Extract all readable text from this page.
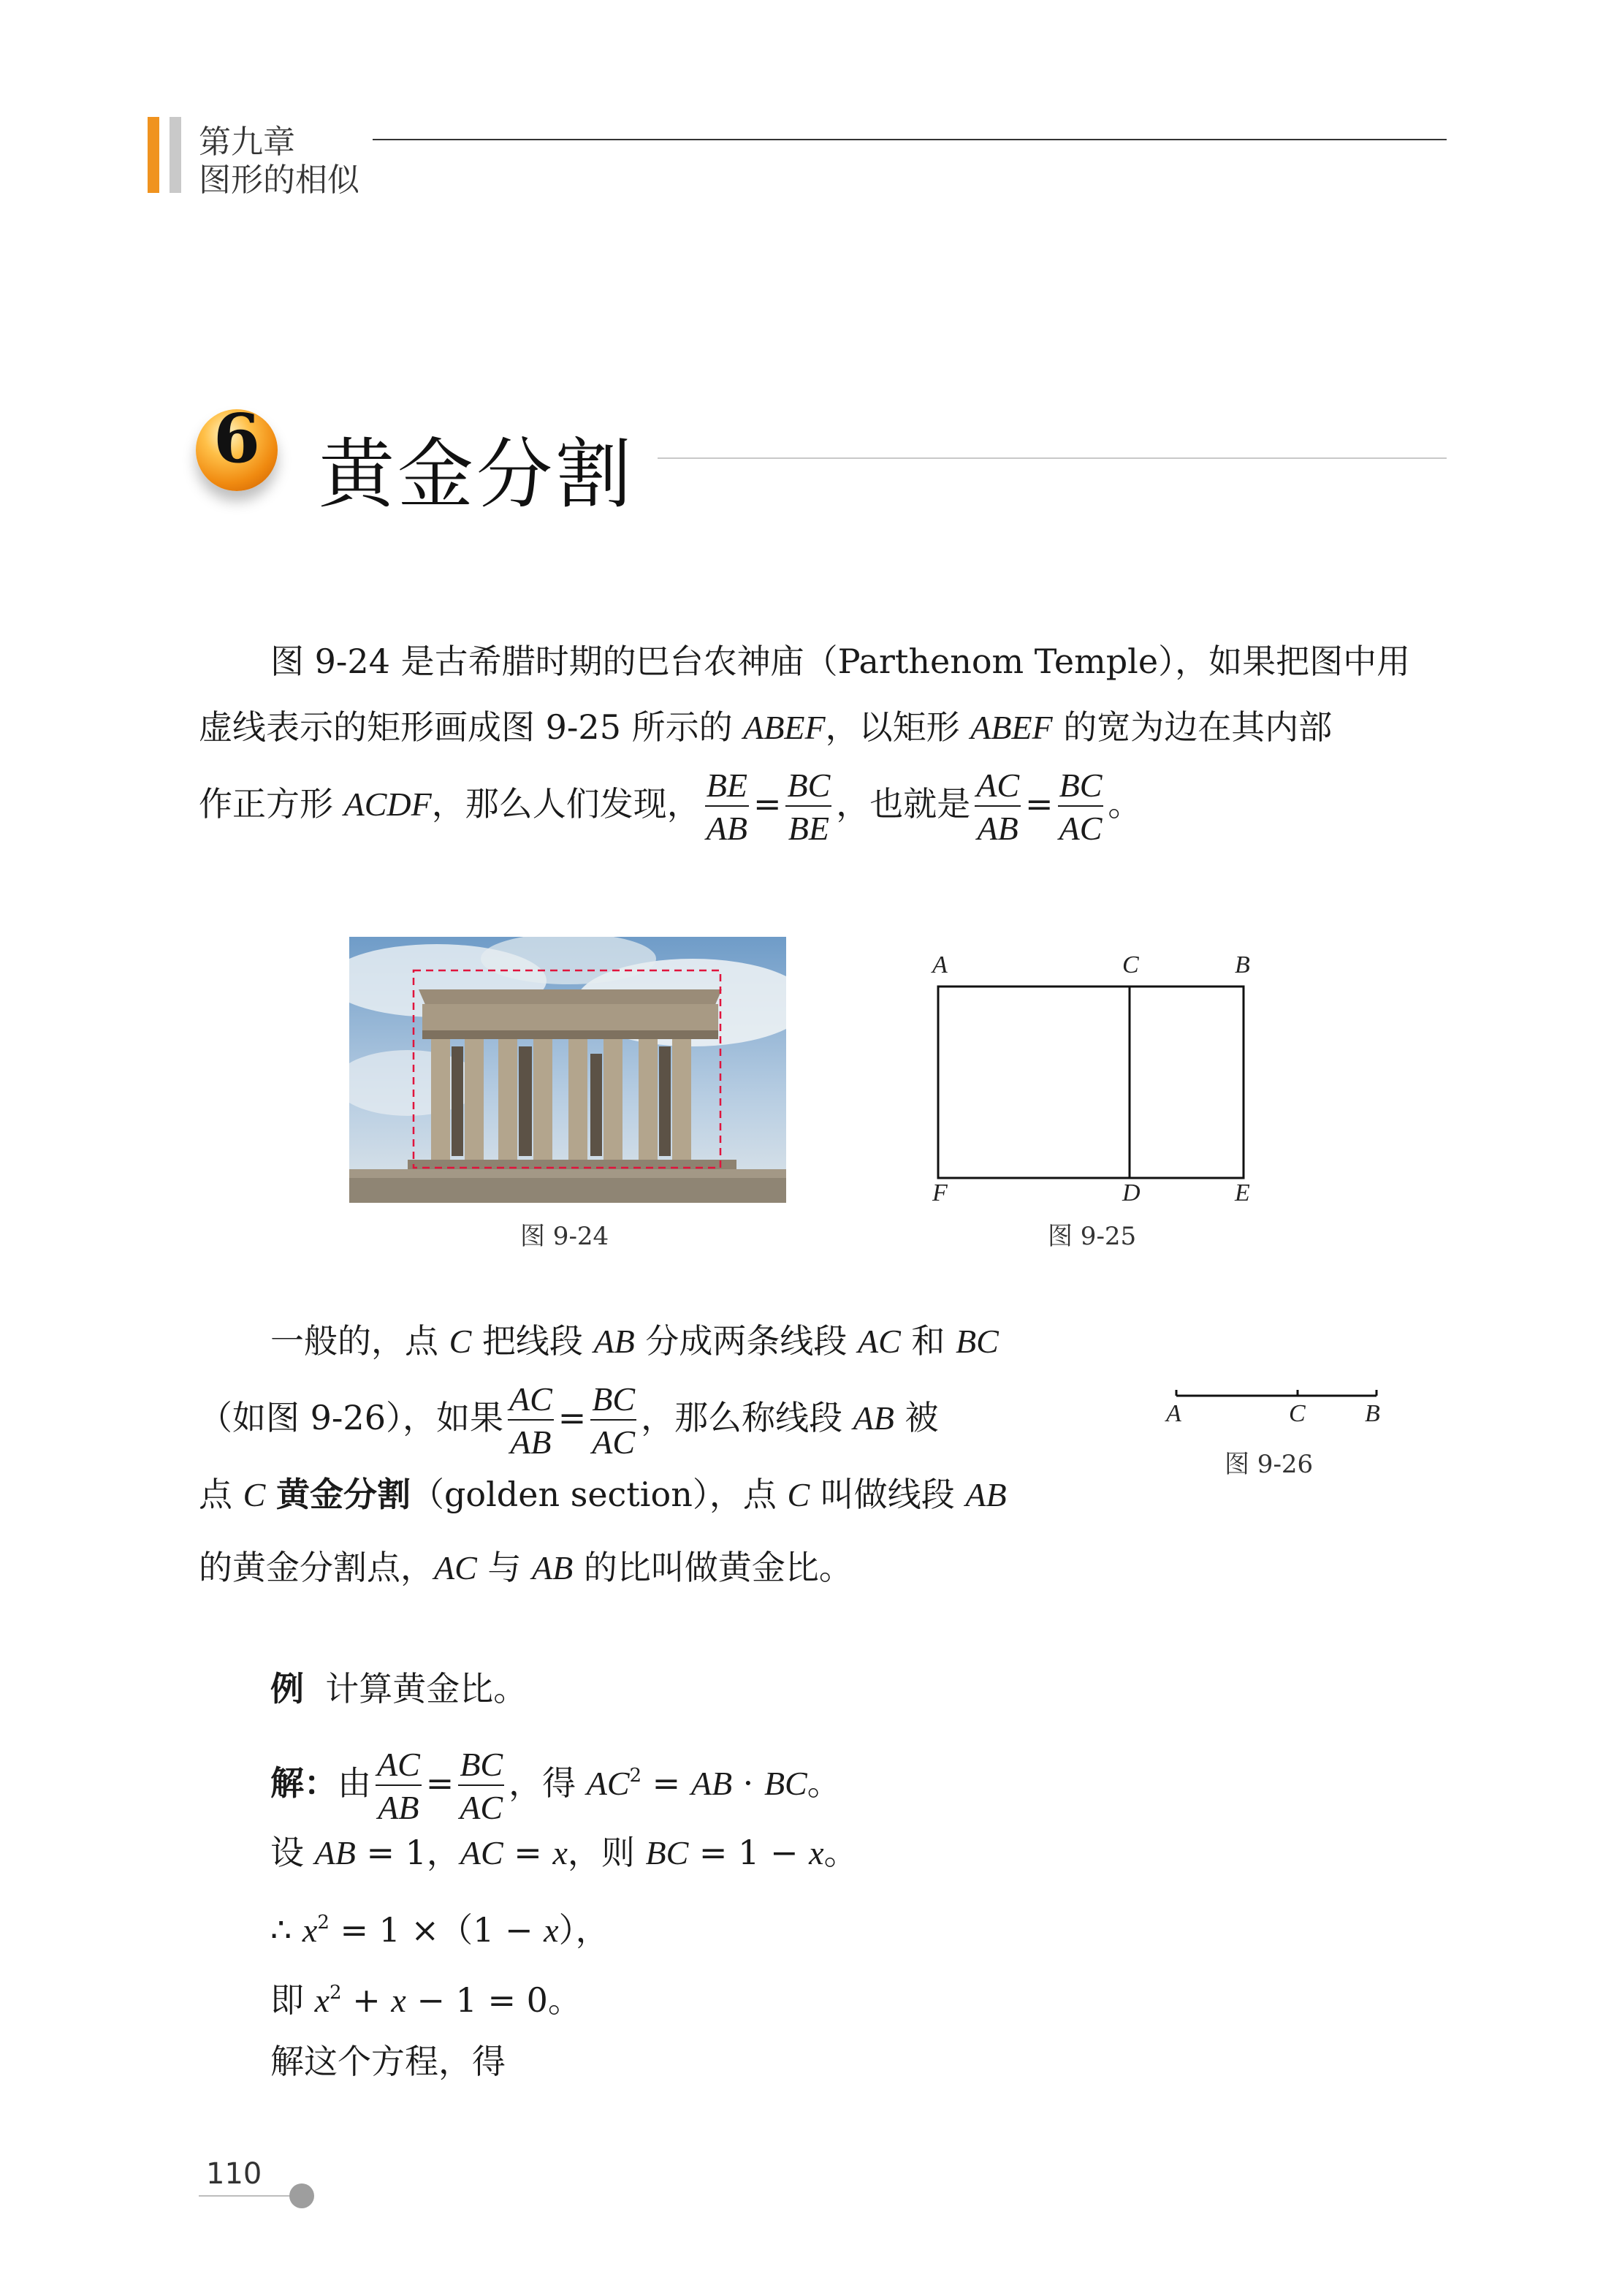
第九章
图形的相似
6 黄金分割
图 9-24 是古希腊时期的巴台农神庙（Parthenom Temple），如果把图中用
虚线表示的矩形画成图 9-25 所示的 ABEF，以矩形 ABEF 的宽为边在其内部
作正方形 ACDF，那么人们发现， $\frac{BE}{AB} = \frac{BC}{BE}$ ，也就是 $\frac{AC}{AB} = \frac{BC}{AC}$ 。
图 9-24
A	C	B
F	D	E
图 9-25
一般的，点 C 把线段 AB 分成两条线段 AC 和 BC
（如图 9-26），如果 $\frac{AC}{AB} = \frac{BC}{AC}$ ，那么称线段 AB 被
点 C 黄金分割（golden section），点 C 叫做线段 AB
的黄金分割点，AC 与 AB 的比叫做黄金比。
A	C B
图 9-26
例 计算黄金比。
解：由 $\frac{AC}{AB} = \frac{BC}{AC}$ ，得 $AC^2$ = AB · BC。
设 AB = 1，AC = x，则 BC = 1 − x。
∴ $x^2 = 1 \times(1 - x)$，
即 $x^2 + x - 1 = 0$。
解这个方程，得
110
